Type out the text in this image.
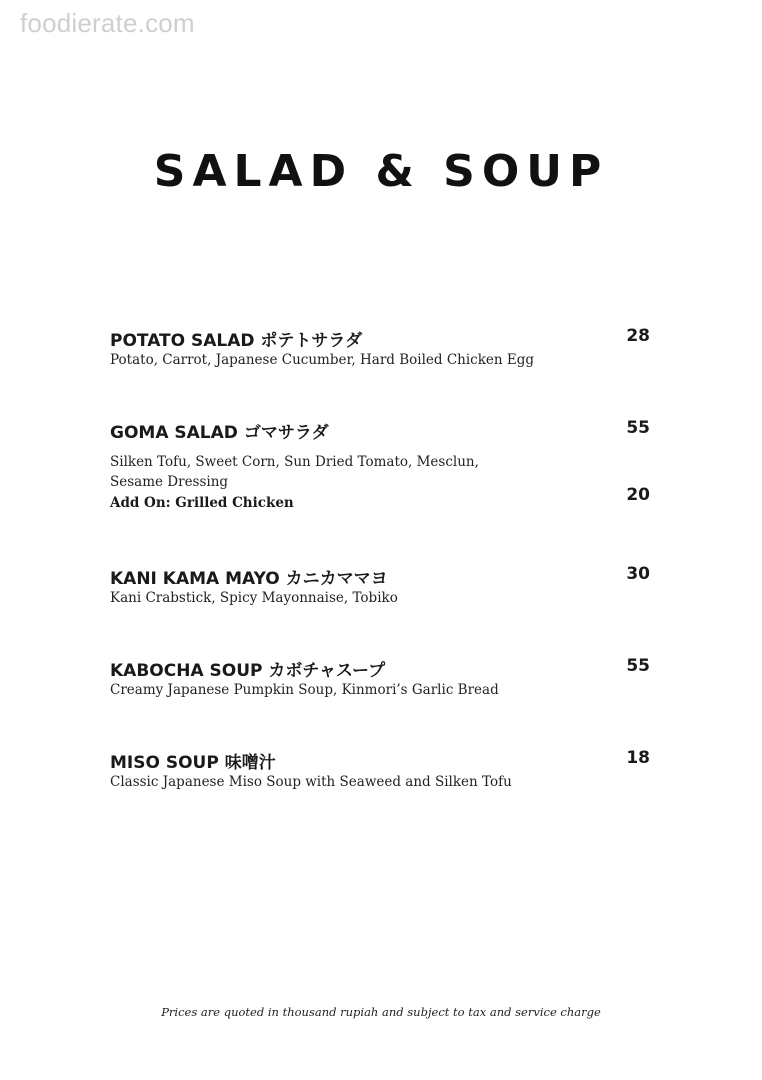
foodierate.com
SALAD & SOUP
POTATO SALAD ポテトサラダ	28
Potato, Carrot, Japanese Cucumber, Hard Boiled Chicken Egg
GOMA SALAD ゴマサラダ	55
Silken Tofu, Sweet Corn, Sun Dried Tomato, Mesclun, Sesame Dressing
Add On: Grilled Chicken	20
KANI KAMA MAYO カニカママヨ	30
Kani Crabstick, Spicy Mayonnaise, Tobiko
KABOCHA SOUP カボチャスープ	55
Creamy Japanese Pumpkin Soup, Kinmori’s Garlic Bread
MISO SOUP 味噌汁	18
Classic Japanese Miso Soup with Seaweed and Silken Tofu
Prices are quoted in thousand rupiah and subject to tax and service charge
